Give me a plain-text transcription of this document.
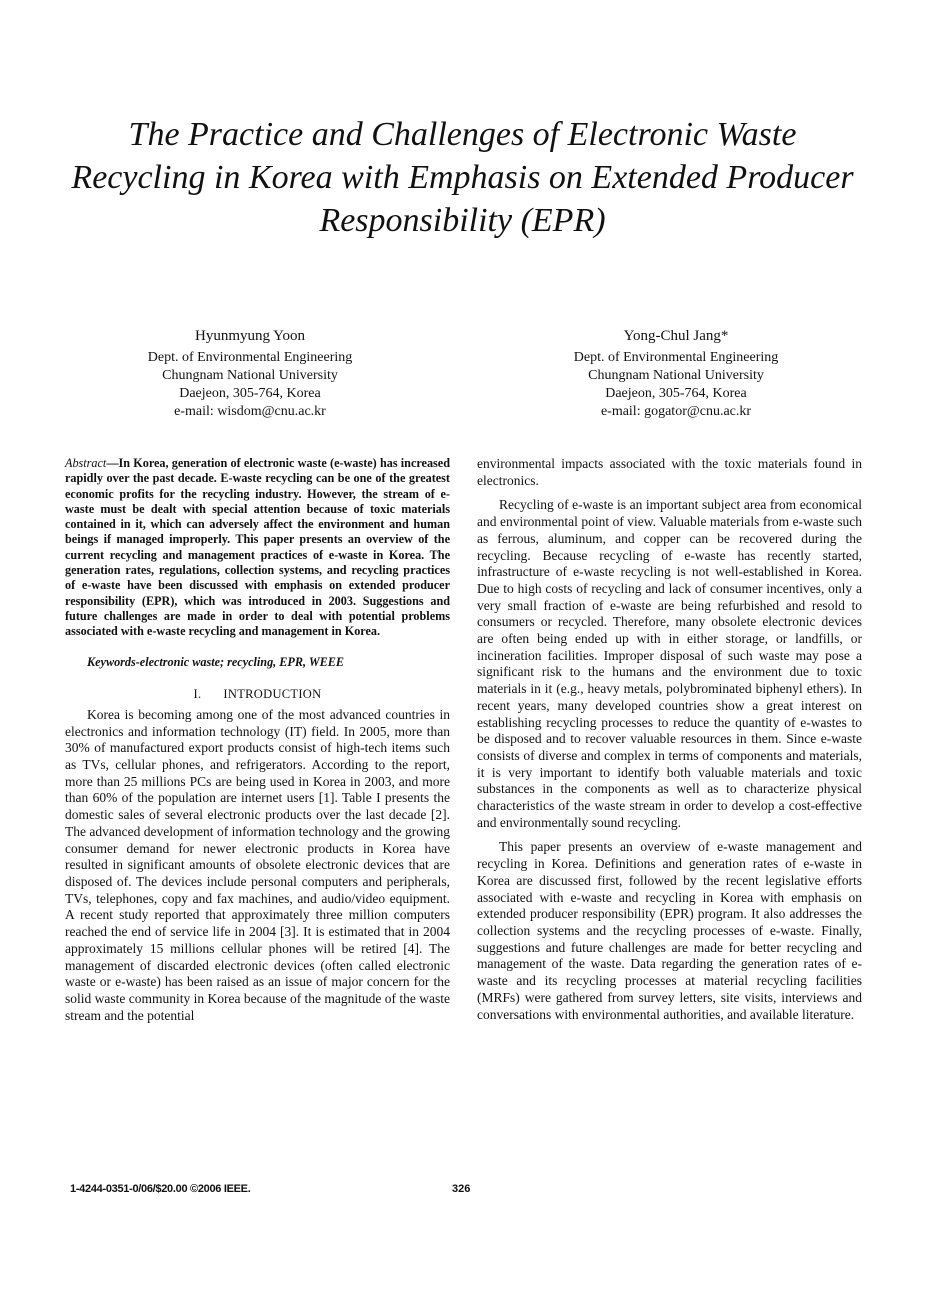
The Practice and Challenges of Electronic Waste Recycling in Korea with Emphasis on Extended Producer Responsibility (EPR)
Hyunmyung Yoon
Dept. of Environmental Engineering
Chungnam National University
Daejeon, 305-764, Korea
e-mail: wisdom@cnu.ac.kr
Yong-Chul Jang*
Dept. of Environmental Engineering
Chungnam National University
Daejeon, 305-764, Korea
e-mail: gogator@cnu.ac.kr

Abstract—In Korea, generation of electronic waste (e-waste) has increased rapidly over the past decade. E-waste recycling can be one of the greatest economic profits for the recycling industry. However, the stream of e-waste must be dealt with special attention because of toxic materials contained in it, which can adversely affect the environment and human beings if managed improperly. This paper presents an overview of the current recycling and management practices of e-waste in Korea. The generation rates, regulations, collection systems, and recycling practices of e-waste have been discussed with emphasis on extended producer responsibility (EPR), which was introduced in 2003. Suggestions and future challenges are made in order to deal with potential problems associated with e-waste recycling and management in Korea.

Keywords-electronic waste; recycling, EPR, WEEE

I. INTRODUCTION

Korea is becoming among one of the most advanced countries in electronics and information technology (IT) field. In 2005, more than 30% of manufactured export products consist of high-tech items such as TVs, cellular phones, and refrigerators. According to the report, more than 25 millions PCs are being used in Korea in 2003, and more than 60% of the population are internet users [1]. Table I presents the domestic sales of several electronic products over the last decade [2]. The advanced development of information technology and the growing consumer demand for newer electronic products in Korea have resulted in significant amounts of obsolete electronic devices that are disposed of. The devices include personal computers and peripherals, TVs, telephones, copy and fax machines, and audio/video equipment. A recent study reported that approximately three million computers reached the end of service life in 2004 [3]. It is estimated that in 2004 approximately 15 millions cellular phones will be retired [4]. The management of discarded electronic devices (often called electronic waste or e-waste) has been raised as an issue of major concern for the solid waste community in Korea because of the magnitude of the waste stream and the potential

environmental impacts associated with the toxic materials found in electronics.

Recycling of e-waste is an important subject area from economical and environmental point of view. Valuable materials from e-waste such as ferrous, aluminum, and copper can be recovered during the recycling. Because recycling of e-waste has recently started, infrastructure of e-waste recycling is not well-established in Korea. Due to high costs of recycling and lack of consumer incentives, only a very small fraction of e-waste are being refurbished and resold to consumers or recycled. Therefore, many obsolete electronic devices are often being ended up with in either storage, or landfills, or incineration facilities. Improper disposal of such waste may pose a significant risk to the humans and the environment due to toxic materials in it (e.g., heavy metals, polybrominated biphenyl ethers). In recent years, many developed countries show a great interest on establishing recycling processes to reduce the quantity of e-wastes to be disposed and to recover valuable resources in them. Since e-waste consists of diverse and complex in terms of components and materials, it is very important to identify both valuable materials and toxic substances in the components as well as to characterize physical characteristics of the waste stream in order to develop a cost-effective and environmentally sound recycling.

This paper presents an overview of e-waste management and recycling in Korea. Definitions and generation rates of e-waste in Korea are discussed first, followed by the recent legislative efforts associated with e-waste and recycling in Korea with emphasis on extended producer responsibility (EPR) program. It also addresses the collection systems and the recycling processes of e-waste. Finally, suggestions and future challenges are made for better recycling and management of the waste. Data regarding the generation rates of e-waste and its recycling processes at material recycling facilities (MRFs) were gathered from survey letters, site visits, interviews and conversations with environmental authorities, and available literature.

1-4244-0351-0/06/$20.00 ©2006 IEEE.	326
